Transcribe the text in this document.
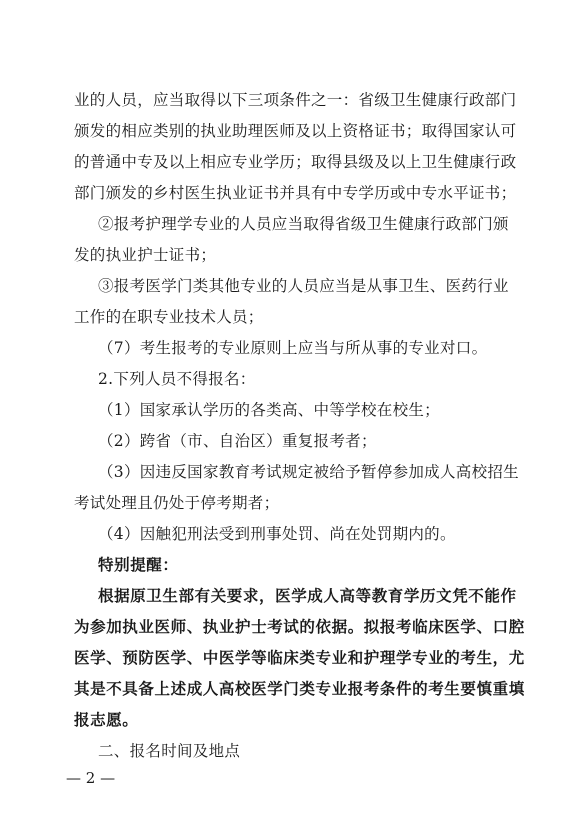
业的人员，应当取得以下三项条件之一：省级卫生健康行政部门
颁发的相应类别的执业助理医师及以上资格证书；取得国家认可
的普通中专及以上相应专业学历；取得县级及以上卫生健康行政
部门颁发的乡村医生执业证书并具有中专学历或中专水平证书；
②报考护理学专业的人员应当取得省级卫生健康行政部门颁
发的执业护士证书；
③报考医学门类其他专业的人员应当是从事卫生、医药行业
工作的在职专业技术人员；
（7）考生报考的专业原则上应当与所从事的专业对口。
2.下列人员不得报名：
（1）国家承认学历的各类高、中等学校在校生；
（2）跨省（市、自治区）重复报考者；
（3）因违反国家教育考试规定被给予暂停参加成人高校招生
考试处理且仍处于停考期者；
（4）因触犯刑法受到刑事处罚、尚在处罚期内的。
特别提醒：
根据原卫生部有关要求，医学成人高等教育学历文凭不能作
为参加执业医师、执业护士考试的依据。拟报考临床医学、口腔
医学、预防医学、中医学等临床类专业和护理学专业的考生，尤
其是不具备上述成人高校医学门类专业报考条件的考生要慎重填
报志愿。
二、报名时间及地点
— 2 —
